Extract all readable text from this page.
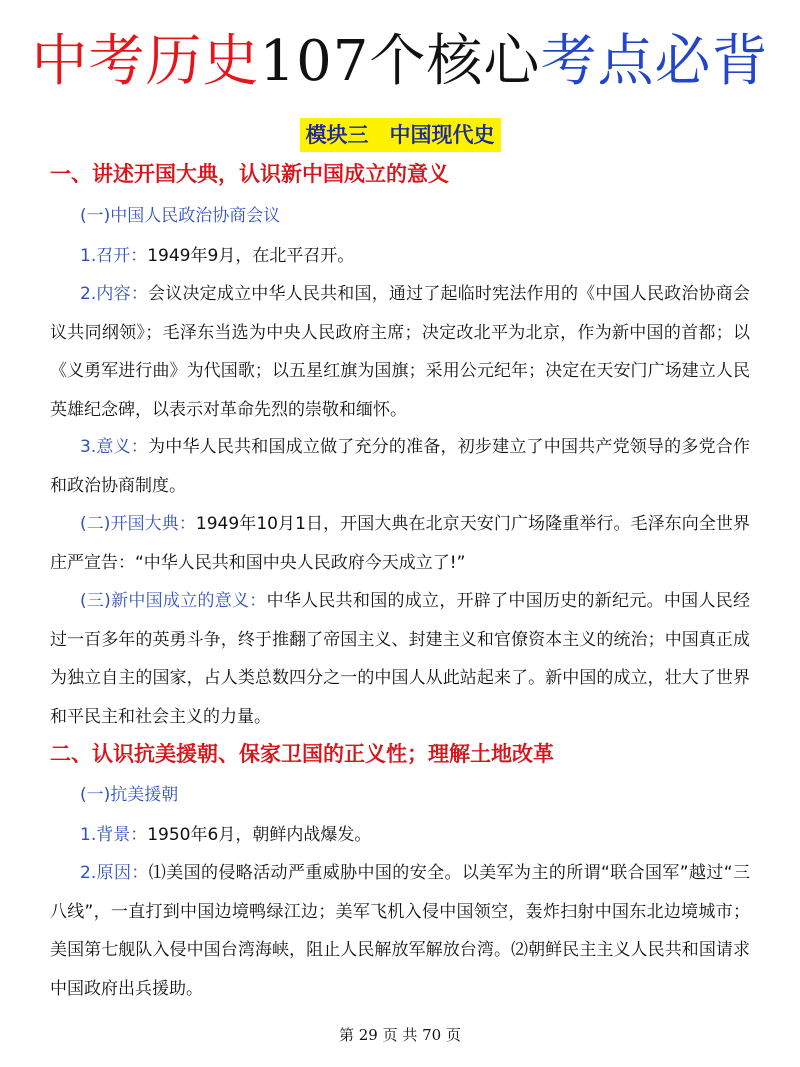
中考历史107个核心考点必背
模块三　中国现代史
一、讲述开国大典，认识新中国成立的意义
(一)中国人民政治协商会议
1.召开：1949年9月，在北平召开。
2.内容：会议决定成立中华人民共和国，通过了起临时宪法作用的《中国人民政治协商会议共同纲领》；毛泽东当选为中央人民政府主席；决定改北平为北京，作为新中国的首都；以《义勇军进行曲》为代国歌；以五星红旗为国旗；采用公元纪年；决定在天安门广场建立人民英雄纪念碑，以表示对革命先烈的崇敬和缅怀。
3.意义：为中华人民共和国成立做了充分的准备，初步建立了中国共产党领导的多党合作和政治协商制度。
(二)开国大典：1949年10月1日，开国大典在北京天安门广场隆重举行。毛泽东向全世界庄严宣告：“中华人民共和国中央人民政府今天成立了!”
(三)新中国成立的意义：中华人民共和国的成立，开辟了中国历史的新纪元。中国人民经过一百多年的英勇斗争，终于推翻了帝国主义、封建主义和官僚资本主义的统治；中国真正成为独立自主的国家，占人类总数四分之一的中国人从此站起来了。新中国的成立，壮大了世界和平民主和社会主义的力量。
二、认识抗美援朝、保家卫国的正义性；理解土地改革
(一)抗美援朝
1.背景：1950年6月，朝鲜内战爆发。
2.原因：⑴美国的侵略活动严重威胁中国的安全。以美军为主的所谓“联合国军”越过“三八线”，一直打到中国边境鸭绿江边；美军飞机入侵中国领空，轰炸扫射中国东北边境城市；美国第七舰队入侵中国台湾海峡，阻止人民解放军解放台湾。⑵朝鲜民主主义人民共和国请求中国政府出兵援助。
第 29 页 共 70 页
